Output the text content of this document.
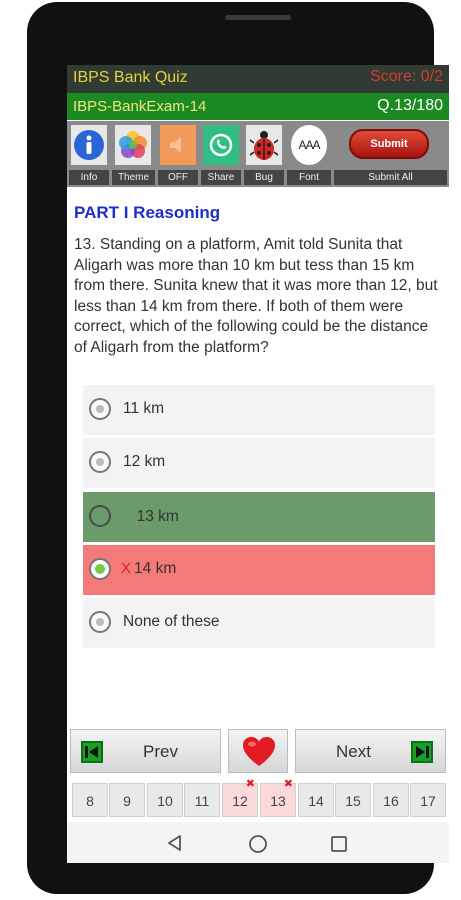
IBPS Bank Quiz	Score: 0/2
IBPS-BankExam-14	Q.13/180
Info	Theme	OFF	Share	Bug
AAA
Font
Submit
Submit All
PART I Reasoning
13. Standing on a platform, Amit told Sunita that Aligarh was more than 10 km but tess than 15 km from there. Sunita knew that it was more than 12, but less than 14 km from there. If both of them were correct, which of the following could be the distance of Aligarh from the platform?
11 km
12 km
✓ 13 km
X 14 km
None of these
Prev	Next
8	9	10	11
✖
12
✖
13	14	15	16	17
